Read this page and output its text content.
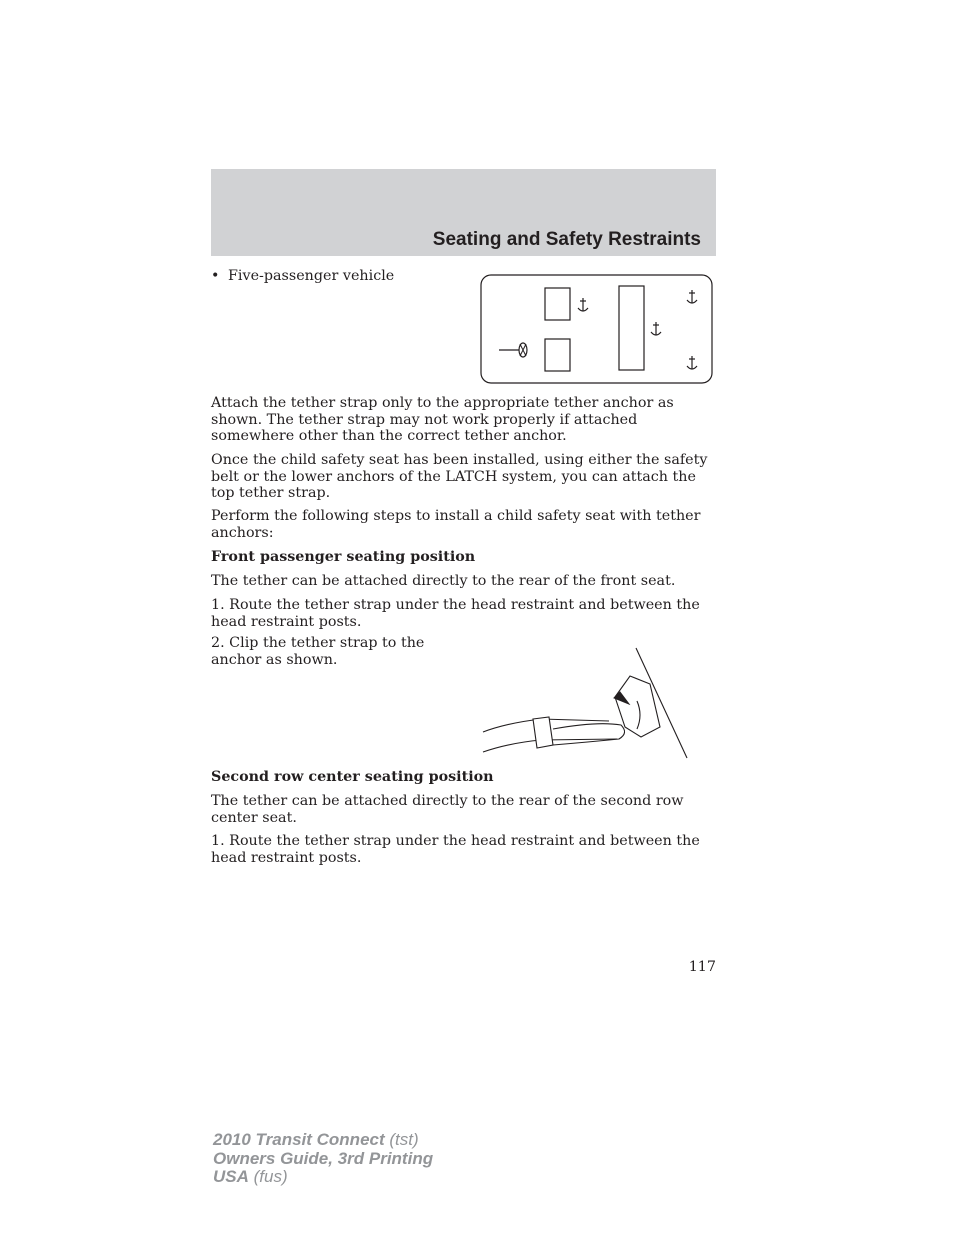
Seating and Safety Restraints
• Five-passenger vehicle

Attach the tether strap only to the appropriate tether anchor as shown. The tether strap may not work properly if attached somewhere other than the correct tether anchor.

Once the child safety seat has been installed, using either the safety belt or the lower anchors of the LATCH system, you can attach the top tether strap.

Perform the following steps to install a child safety seat with tether anchors:

Front passenger seating position

The tether can be attached directly to the rear of the front seat.

1. Route the tether strap under the head restraint and between the head restraint posts.

2. Clip the tether strap to the anchor as shown.

Second row center seating position

The tether can be attached directly to the rear of the second row center seat.

1. Route the tether strap under the head restraint and between the head restraint posts.

117
2010 Transit Connect (tst)
Owners Guide, 3rd Printing
USA (fus)
